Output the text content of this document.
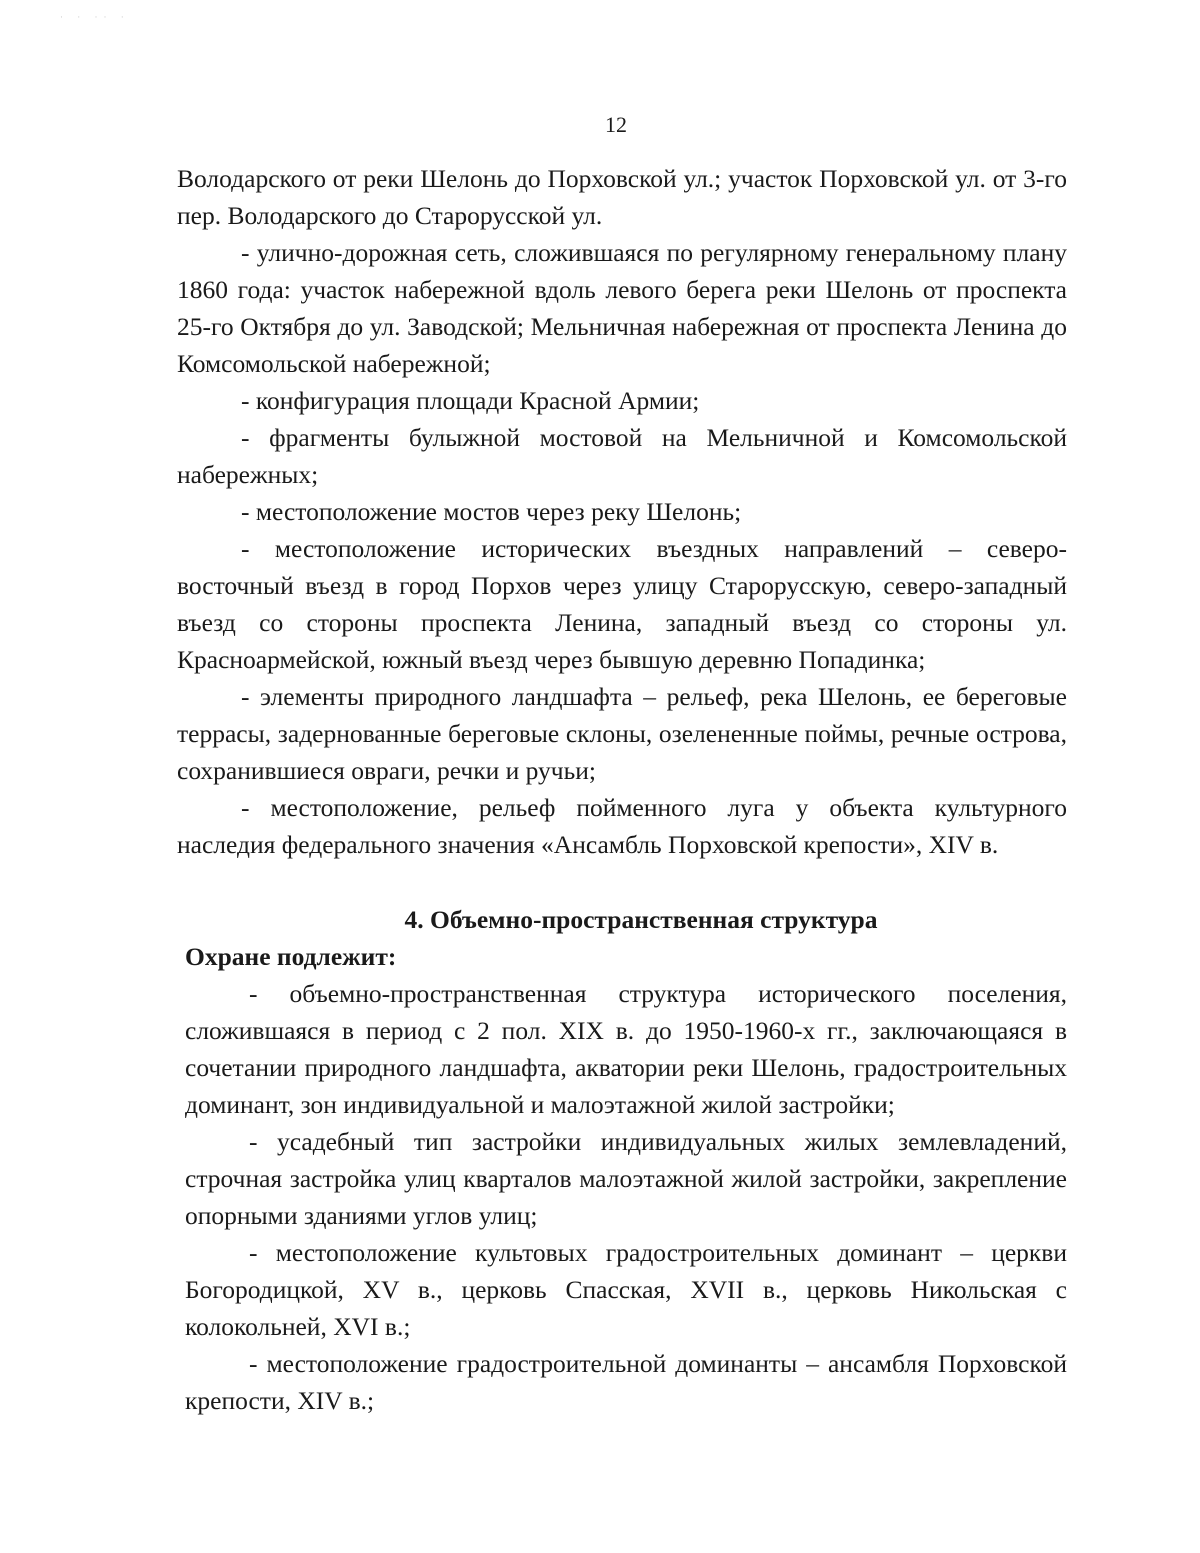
· · ·· ·
12

Володарского от реки Шелонь до Порховской ул.; участок Порховской ул. от 3-го пер. Володарского до Старорусской ул.

- улично-дорожная сеть, сложившаяся по регулярному генеральному плану 1860 года: участок набережной вдоль левого берега реки Шелонь от проспекта 25-го Октября до ул. Заводской; Мельничная набережная от проспекта Ленина до Комсомольской набережной;

- конфигурация площади Красной Армии;

- фрагменты булыжной мостовой на Мельничной и Комсомольской набережных;

- местоположение мостов через реку Шелонь;

- местоположение исторических въездных направлений – северо-восточный въезд в город Порхов через улицу Старорусскую, северо-западный въезд со стороны проспекта Ленина, западный въезд со стороны ул. Красноармейской, южный въезд через бывшую деревню Попадинка;

- элементы природного ландшафта – рельеф, река Шелонь, ее береговые террасы, задернованные береговые склоны, озелененные поймы, речные острова, сохранившиеся овраги, речки и ручьи;

- местоположение, рельеф пойменного луга у объекта культурного наследия федерального значения «Ансамбль Порховской крепости», XIV в.

4. Объемно-пространственная структура

Охране подлежит:

- объемно-пространственная структура исторического поселения, сложившаяся в период с 2 пол. XIX в. до 1950-1960-х гг., заключающаяся в сочетании природного ландшафта, акватории реки Шелонь, градостроительных доминант, зон индивидуальной и малоэтажной жилой застройки;

- усадебный тип застройки индивидуальных жилых землевладений, строчная застройка улиц кварталов малоэтажной жилой застройки, закрепление опорными зданиями углов улиц;

- местоположение культовых градостроительных доминант – церкви Богородицкой, XV в., церковь Спасская, XVII в., церковь Никольская с колокольней, XVI в.;

- местоположение градостроительной доминанты – ансамбля Порховской крепости, XIV в.;
